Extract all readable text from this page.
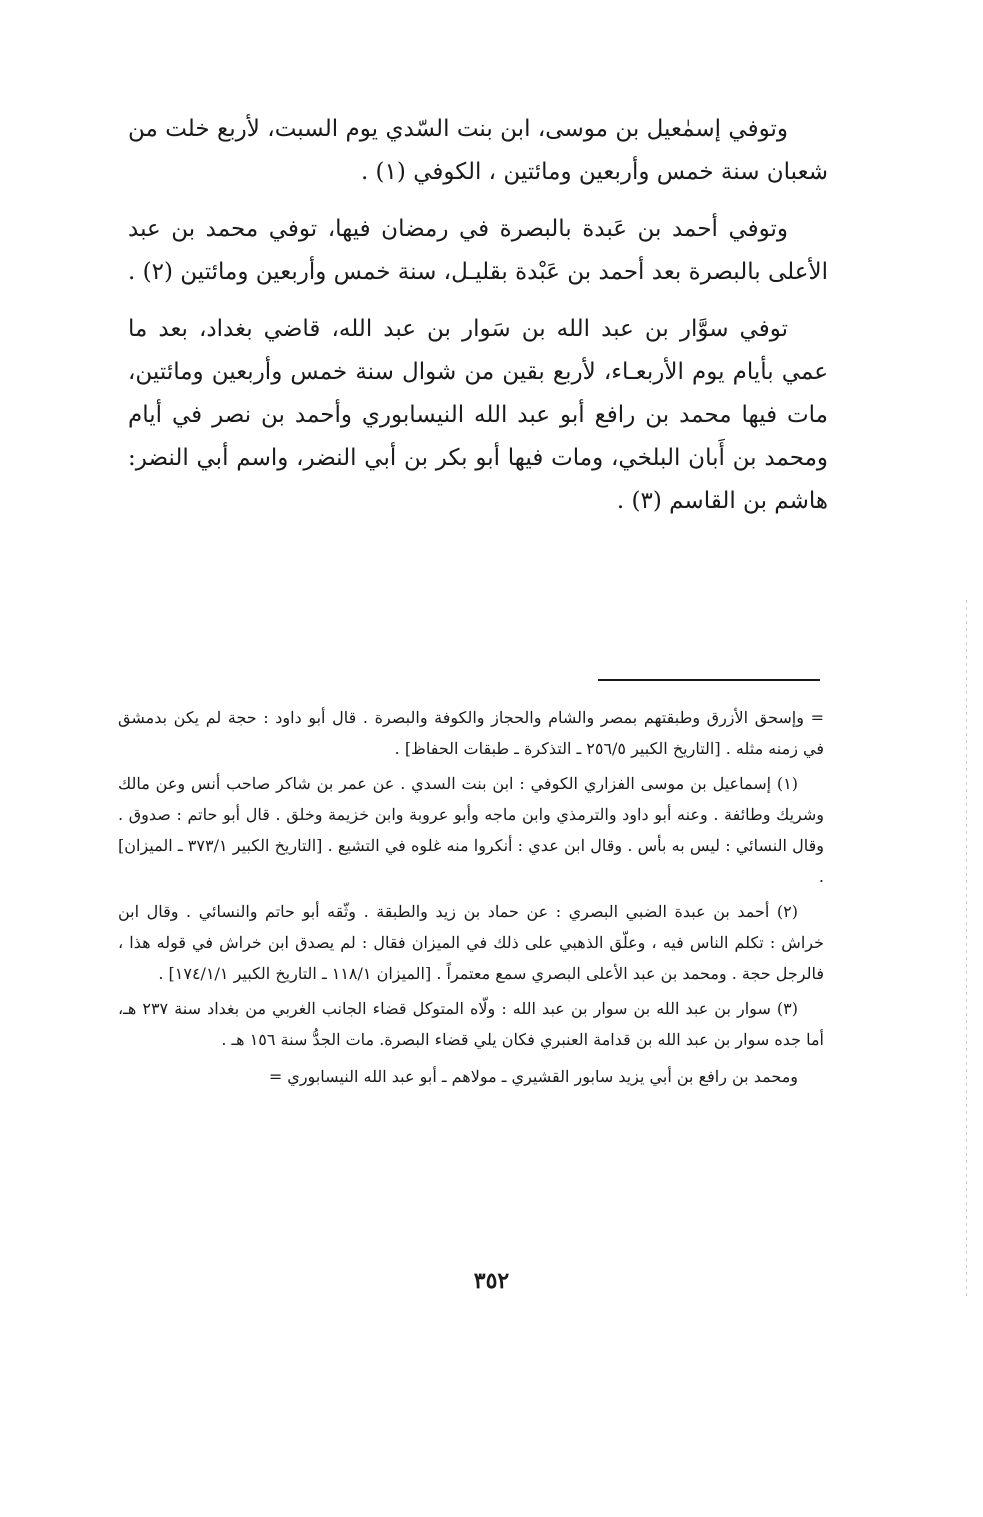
وتوفي إسمٰعيل بن موسى، ابن بنت السّدي يوم السبت، لأربع خلت من شعبان سنة خمس وأربعين ومائتين ، الكوفي (١) .

وتوفي أحمد بن عَبدة بالبصرة في رمضان فيها، توفي محمد بن عبد الأعلى بالبصرة بعد أحمد بن عَبْدة بقليـل، سنة خمس وأربعين ومائتين (٢) .

توفي سوَّار بن عبد الله بن سَوار بن عبد الله، قاضي بغداد، بعد ما عمي بأيام يوم الأربعـاء، لأربع بقين من شوال سنة خمس وأربعين ومائتين، مات فيها محمد بن رافع أبو عبد الله النيسابوري وأحمد بن نصر في أيام ومحمد بن أَبان البلخي، ومات فيها أبو بكر بن أبي النضر، واسم أبي النضر: هاشم بن القاسم (٣) .

= وإسحق الأزرق وطبقتهم بمصر والشام والحجاز والكوفة والبصرة . قال أبو داود : حجة لم يكن بدمشق في زمنه مثله . [التاريخ الكبير ٢٥٦/٥ ـ التذكرة ـ طبقات الحفاظ] .

(١) إسماعيل بن موسى الفزاري الكوفي : ابن بنت السدي . عن عمر بن شاكر صاحب أنس وعن مالك وشريك وطائفة . وعنه أبو داود والترمذي وابن ماجه وأبو عروبة وابن خزيمة وخلق . قال أبو حاتم : صدوق . وقال النسائي : ليس به بأس . وقال ابن عدي : أنكروا منه غلوه في التشيع . [التاريخ الكبير ٣٧٣/١ ـ الميزان] .

(٢) أحمد بن عبدة الضبي البصري : عن حماد بن زيد والطبقة . وثّقه أبو حاتم والنسائي . وقال ابن خراش : تكلم الناس فيه ، وعلّق الذهبي على ذلك في الميزان فقال : لم يصدق ابن خراش في قوله هذا ، فالرجل حجة . ومحمد بن عبد الأعلى البصري سمع معتمراً . [الميزان ١١٨/١ ـ التاريخ الكبير ١٧٤/١/١] .

(٣) سوار بن عبد الله بن سوار بن عبد الله : ولّاه المتوكل قضاء الجانب الغربي من بغداد سنة ٢٣٧ هـ، أما جده سوار بن عبد الله بن قدامة العنبري فكان يلي قضاء البصرة. مات الجدُّ سنة ١٥٦ هـ .

ومحمد بن رافع بن أبي يزيد سابور القشيري ـ مولاهم ـ أبو عبد الله النيسابوري =

٣٥٢
